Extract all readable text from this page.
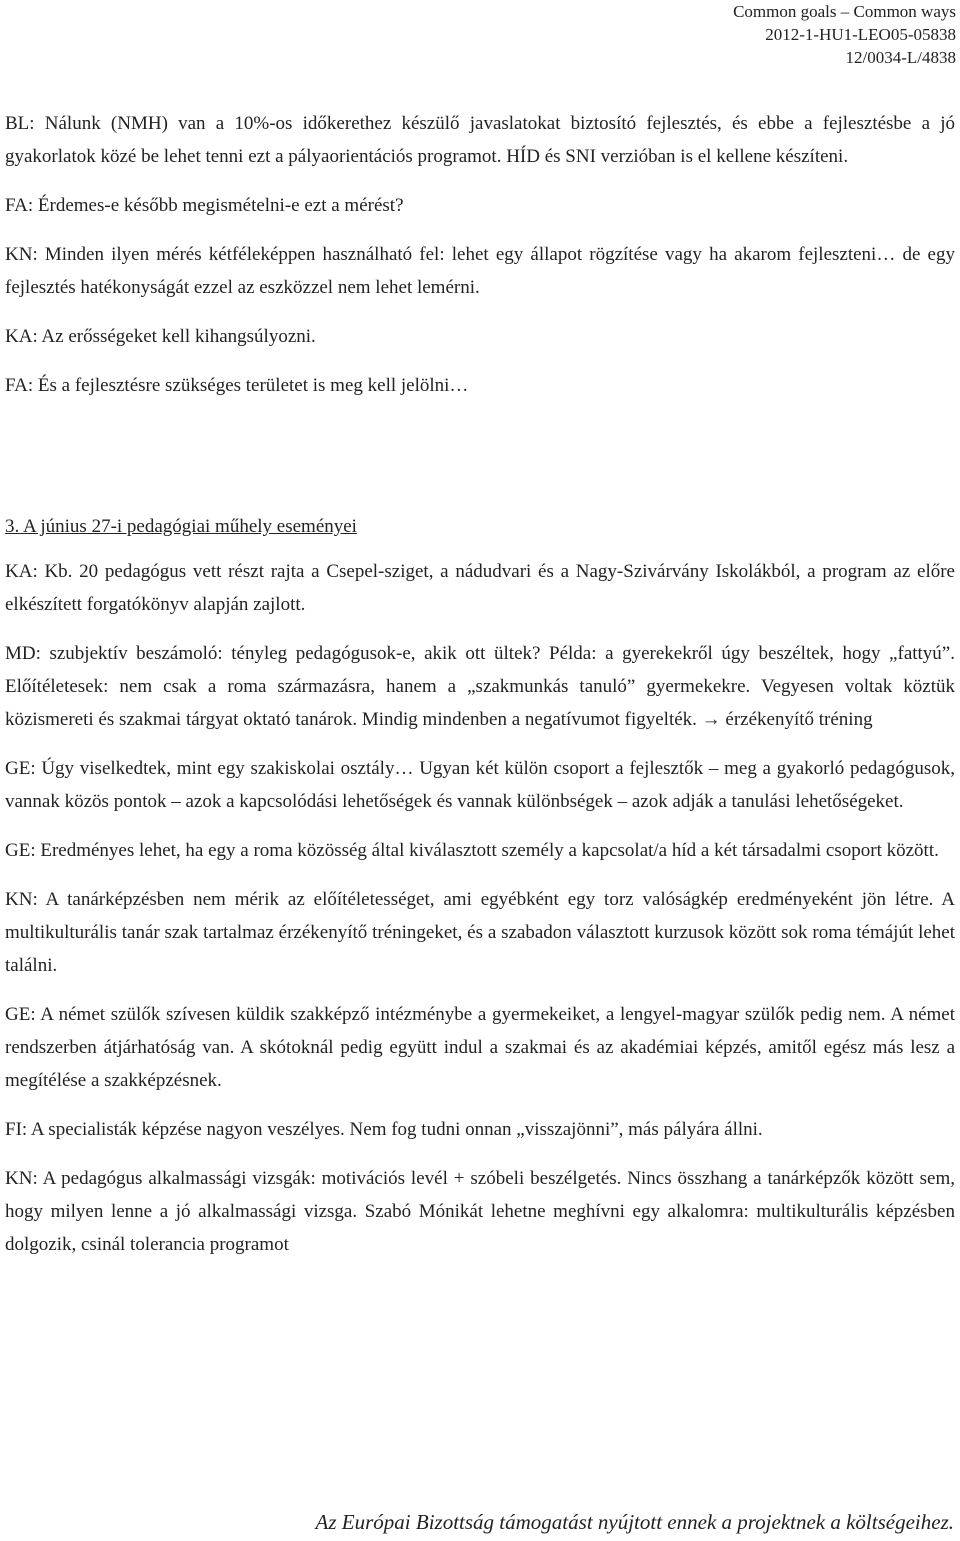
Common goals – Common ways
2012-1-HU1-LEO05-05838
12/0034-L/4838

BL: Nálunk (NMH) van a 10%-os időkerethez készülő javaslatokat biztosító fejlesztés, és ebbe a fejlesztésbe a jó gyakorlatok közé be lehet tenni ezt a pályaorientációs programot. HÍD és SNI verzióban is el kellene készíteni.

FA: Érdemes-e később megismételni-e ezt a mérést?

KN: Minden ilyen mérés kétféleképpen használható fel: lehet egy állapot rögzítése vagy ha akarom fejleszteni… de egy fejlesztés hatékonyságát ezzel az eszközzel nem lehet lemérni.

KA: Az erősségeket kell kihangsúlyozni.

FA: És a fejlesztésre szükséges területet is meg kell jelölni…

3. A június 27-i pedagógiai műhely eseményei

KA: Kb. 20 pedagógus vett részt rajta a Csepel-sziget, a nádudvari és a Nagy-Szivárvány Iskolákból, a program az előre elkészített forgatókönyv alapján zajlott.

MD: szubjektív beszámoló: tényleg pedagógusok-e, akik ott ültek? Példa: a gyerekekről úgy beszéltek, hogy „fattyú”. Előítéletesek: nem csak a roma származásra, hanem a „szakmunkás tanuló” gyermekekre. Vegyesen voltak köztük közismereti és szakmai tárgyat oktató tanárok. Mindig mindenben a negatívumot figyelték. → érzékenyítő tréning

GE: Úgy viselkedtek, mint egy szakiskolai osztály… Ugyan két külön csoport a fejlesztők – meg a gyakorló pedagógusok, vannak közös pontok – azok a kapcsolódási lehetőségek és vannak különbségek – azok adják a tanulási lehetőségeket.

GE: Eredményes lehet, ha egy a roma közösség által kiválasztott személy a kapcsolat/a híd a két társadalmi csoport között.

KN: A tanárképzésben nem mérik az előítéletességet, ami egyébként egy torz valóságkép eredményeként jön létre. A multikulturális tanár szak tartalmaz érzékenyítő tréningeket, és a szabadon választott kurzusok között sok roma témájút lehet találni.

GE: A német szülők szívesen küldik szakképző intézménybe a gyermekeiket, a lengyel-magyar szülők pedig nem. A német rendszerben átjárhatóság van. A skótoknál pedig együtt indul a szakmai és az akadémiai képzés, amitől egész más lesz a megítélése a szakképzésnek.

FI: A specialisták képzése nagyon veszélyes. Nem fog tudni onnan „visszajönni”, más pályára állni.

KN: A pedagógus alkalmassági vizsgák: motivációs levél + szóbeli beszélgetés. Nincs összhang a tanárképzők között sem, hogy milyen lenne a jó alkalmassági vizsga. Szabó Mónikát lehetne meghívni egy alkalomra: multikulturális képzésben dolgozik, csinál tolerancia programot

Az Európai Bizottság támogatást nyújtott ennek a projektnek a költségeihez.
